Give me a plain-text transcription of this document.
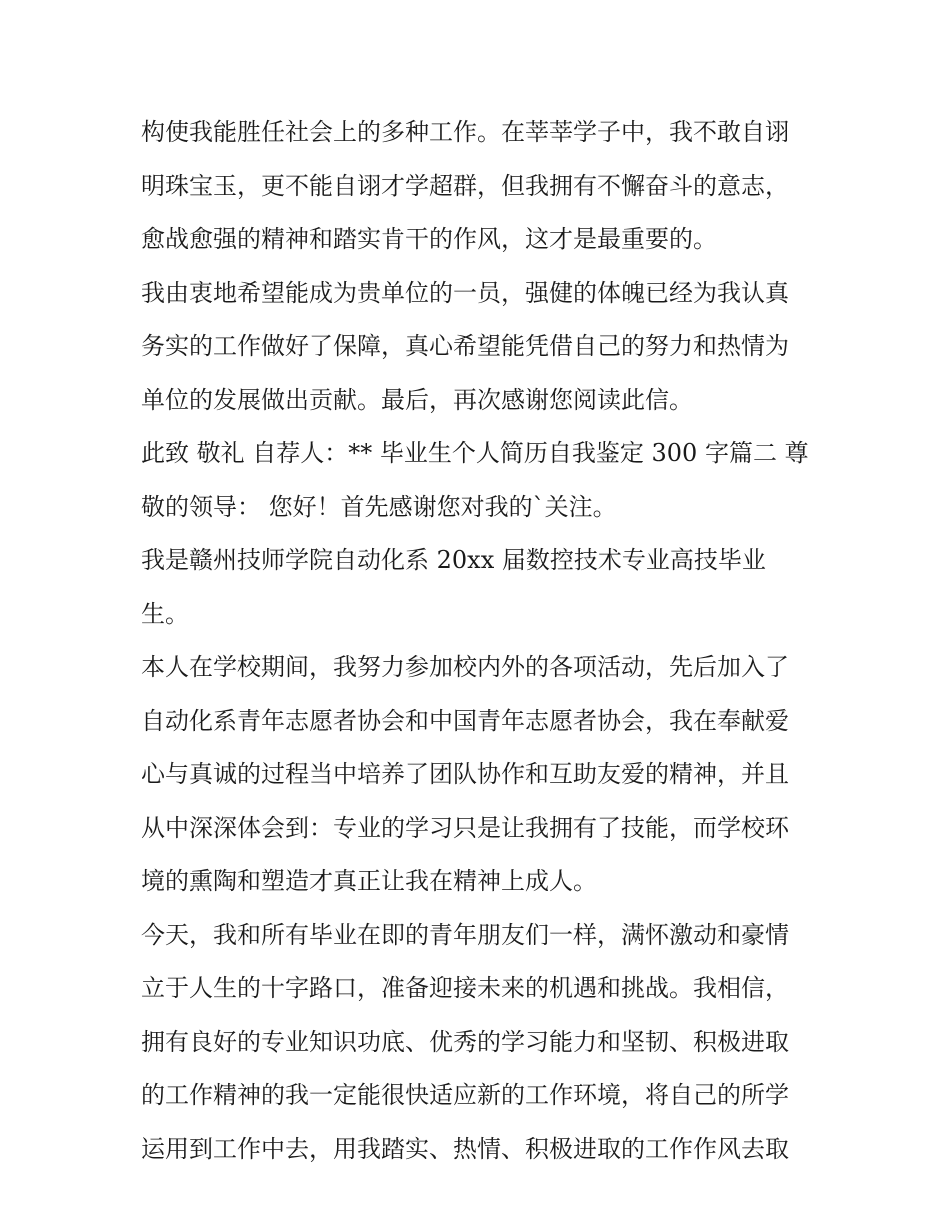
构使我能胜任社会上的多种工作。在莘莘学子中，我不敢自诩
明珠宝玉，更不能自诩才学超群，但我拥有不懈奋斗的意志，
愈战愈强的精神和踏实肯干的作风，这才是最重要的。
我由衷地希望能成为贵单位的一员，强健的体魄已经为我认真
务实的工作做好了保障，真心希望能凭借自己的努力和热情为
单位的发展做出贡献。最后，再次感谢您阅读此信。
此致 敬礼 自荐人：** 毕业生个人简历自我鉴定 300 字篇二 尊
敬的领导： 您好！首先感谢您对我的`关注。
我是赣州技师学院自动化系 20xx 届数控技术专业高技毕业
生。
本人在学校期间，我努力参加校内外的各项活动，先后加入了
自动化系青年志愿者协会和中国青年志愿者协会，我在奉献爱
心与真诚的过程当中培养了团队协作和互助友爱的精神，并且
从中深深体会到：专业的学习只是让我拥有了技能，而学校环
境的熏陶和塑造才真正让我在精神上成人。
今天，我和所有毕业在即的青年朋友们一样，满怀激动和豪情
立于人生的十字路口，准备迎接未来的机遇和挑战。我相信，
拥有良好的专业知识功底、优秀的学习能力和坚韧、积极进取
的工作精神的我一定能很快适应新的工作环境，将自己的所学
运用到工作中去，用我踏实、热情、积极进取的工作作风去取
